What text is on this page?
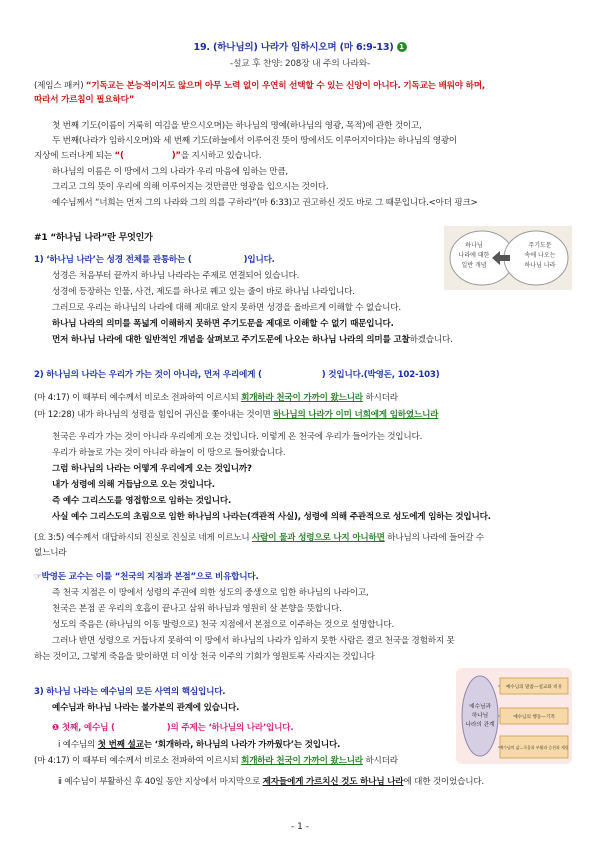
19. (하나님의) 나라가 임하시오며 (마 6:9-13) 1
-설교 후 찬양: 208장 내 주의 나라와-
(제임스 패커) “기독교는 본능적이지도 않으며 아무 노력 없이 우연히 선택할 수 있는 신앙이 아니다. 기독교는 배워야 하며,
따라서 가르침이 필요하다”
첫 번째 기도(이름이 거룩히 여김을 받으시오며)는 하나님의 명예(하나님의 영광, 목적)에 관한 것이고,
두 번째(나라가 임하시오며)와 세 번째 기도(하늘에서 이루어진 뜻이 땅에서도 이루어지이다)는 하나님의 영광이
지상에 드러나게 되는 “(	)”을 지시하고 있습니다.
하나님의 이름은 이 땅에서 그의 나라가 우리 마음에 임하는 만큼,
그리고 그의 뜻이 우리에 의해 이루어지는 것만큼만 영광을 입으시는 것이다.
예수님께서 “너희는 먼저 그의 나라와 그의 의를 구하라”(마 6:33)고 권고하신 것도 바로 그 때문입니다.<아더 핑크>
#1 “하나님 나라”란 무엇인가
1) ‘하나님 나라’는 성경 전체를 관통하는 (	)입니다.
하나님
나라에 대한
일반 개념
주기도문
속에 나오는
하나님 나라
성경은 처음부터 끝까지 하나님 나라라는 주제로 연결되어 있습니다.
성경에 등장하는 인물, 사건, 제도를 하나로 꿰고 있는 줄이 바로 하나님 나라입니다.
그러므로 우리는 하나님의 나라에 대해 제대로 알지 못하면 성경을 올바르게 이해할 수 없습니다.
하나님 나라의 의미를 폭넓게 이해하지 못하면 주기도문을 제대로 이해할 수 없기 때문입니다.
먼저 하나님 나라에 대한 일반적인 개념을 살펴보고 주기도문에 나오는 하나님 나라의 의미를 고찰하겠습니다.
2) 하나님의 나라는 우리가 가는 것이 아니라, 먼저 우리에게 (	) 것입니다.(박영돈, 102-103)
(마 4:17) 이 때부터 예수께서 비로소 전파하여 이르시되 회개하라 천국이 가까이 왔느니라 하시더라
(마 12:28) 내가 하나님의 성령을 힘입어 귀신을 쫓아내는 것이면 하나님의 나라가 이미 너희에게 임하였느니라
천국은 우리가 가는 것이 아니라 우리에게 오는 것입니다. 이렇게 온 천국에 우리가 들어가는 것입니다.
우리가 하늘로 가는 것이 아니라 하늘이 이 땅으로 들어왔습니다.
그럼 하나님의 나라는 어떻게 우리에게 오는 것입니까?
내가 성령에 의해 거듭남으로 오는 것입니다.
즉 예수 그리스도를 영접함으로 임하는 것입니다.
사실 예수 그리스도의 초림으로 임한 하나님의 나라는(객관적 사실), 성령에 의해 주관적으로 성도에게 임하는 것입니다.
(요 3:5) 예수께서 대답하시되 진실로 진실로 네게 이르노니 사람이 물과 성령으로 나지 아니하면 하나님의 나라에 들어갈 수
없느니라
☞박영돈 교수는 이를 “천국의 지점과 본점”으로 비유합니다.
즉 천국 지점은 이 땅에서 성령의 주권에 의한 성도의 중생으로 임한 하나님의 나라이고,
천국은 본점 곧 우리의 호흡이 끝나고 삼위 하나님과 영원히 살 본향을 뜻합니다.
성도의 죽음은 (하나님의 이동 발령으로) 천국 지점에서 본점으로 이주하는 것으로 설명합니다.
그러나 반면 성령으로 거듭나지 못하여 이 땅에서 하나님의 나라가 임하지 못한 사람은 결코 천국을 경험하지 못
하는 것이고, 그렇게 죽음을 맞이하면 더 이상 천국 이주의 기회가 영원토록 사라지는 것입니다
3) 하나님 나라는 예수님의 모든 사역의 핵심입니다.
예수님과 하나님 나라는 불가분의 관계에 있습니다.
❶ 첫째, 예수님 (	)의 주제는 ‘하나님의 나라’입니다.
ⅰ 예수님의 첫 번째 설교는 ‘회개하라, 하나님의 나라가 가까웠다’는 것입니다.
(마 4:17) 이 때부터 예수께서 비로소 전파하여 이르시되 회개하라 천국이 가까이 왔느니라 하시더라
ⅱ 예수님이 부활하신 후 40일 동안 지상에서 마지막으로 제자들에게 가르치신 것도 하나님 나라에 대한 것이었습니다.
예수님과
하나님
나라의 관계
예수님의 말씀—설교와 비유
예수님의 행동—기적
예수님의 삶—죽음과 부활과 승천과 재림
- 1 -
